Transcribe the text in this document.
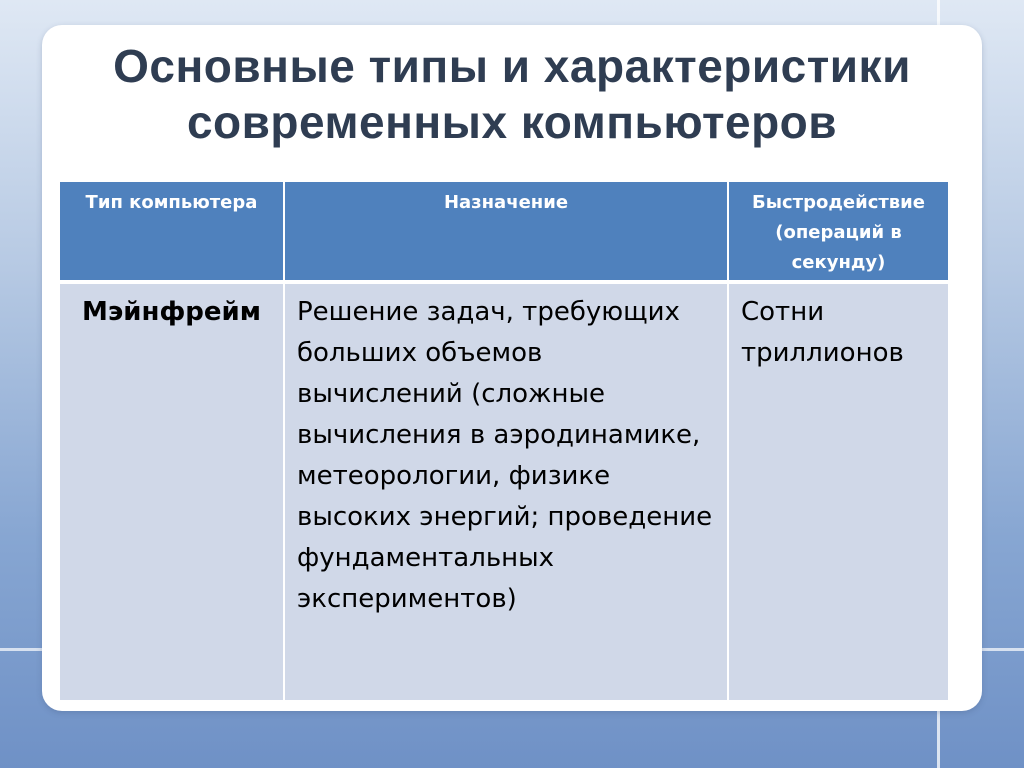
Основные типы и характеристики современных компьютеров
Тип компьютера	Назначение	Быстродействие (операций в секунду)
Мэйнфрейм	Решение задач, требующих больших объемов вычислений (сложные вычисления в аэродинамике, метеорологии, физике высоких энергий; проведение фундаментальных экспериментов)	Сотни триллионов
